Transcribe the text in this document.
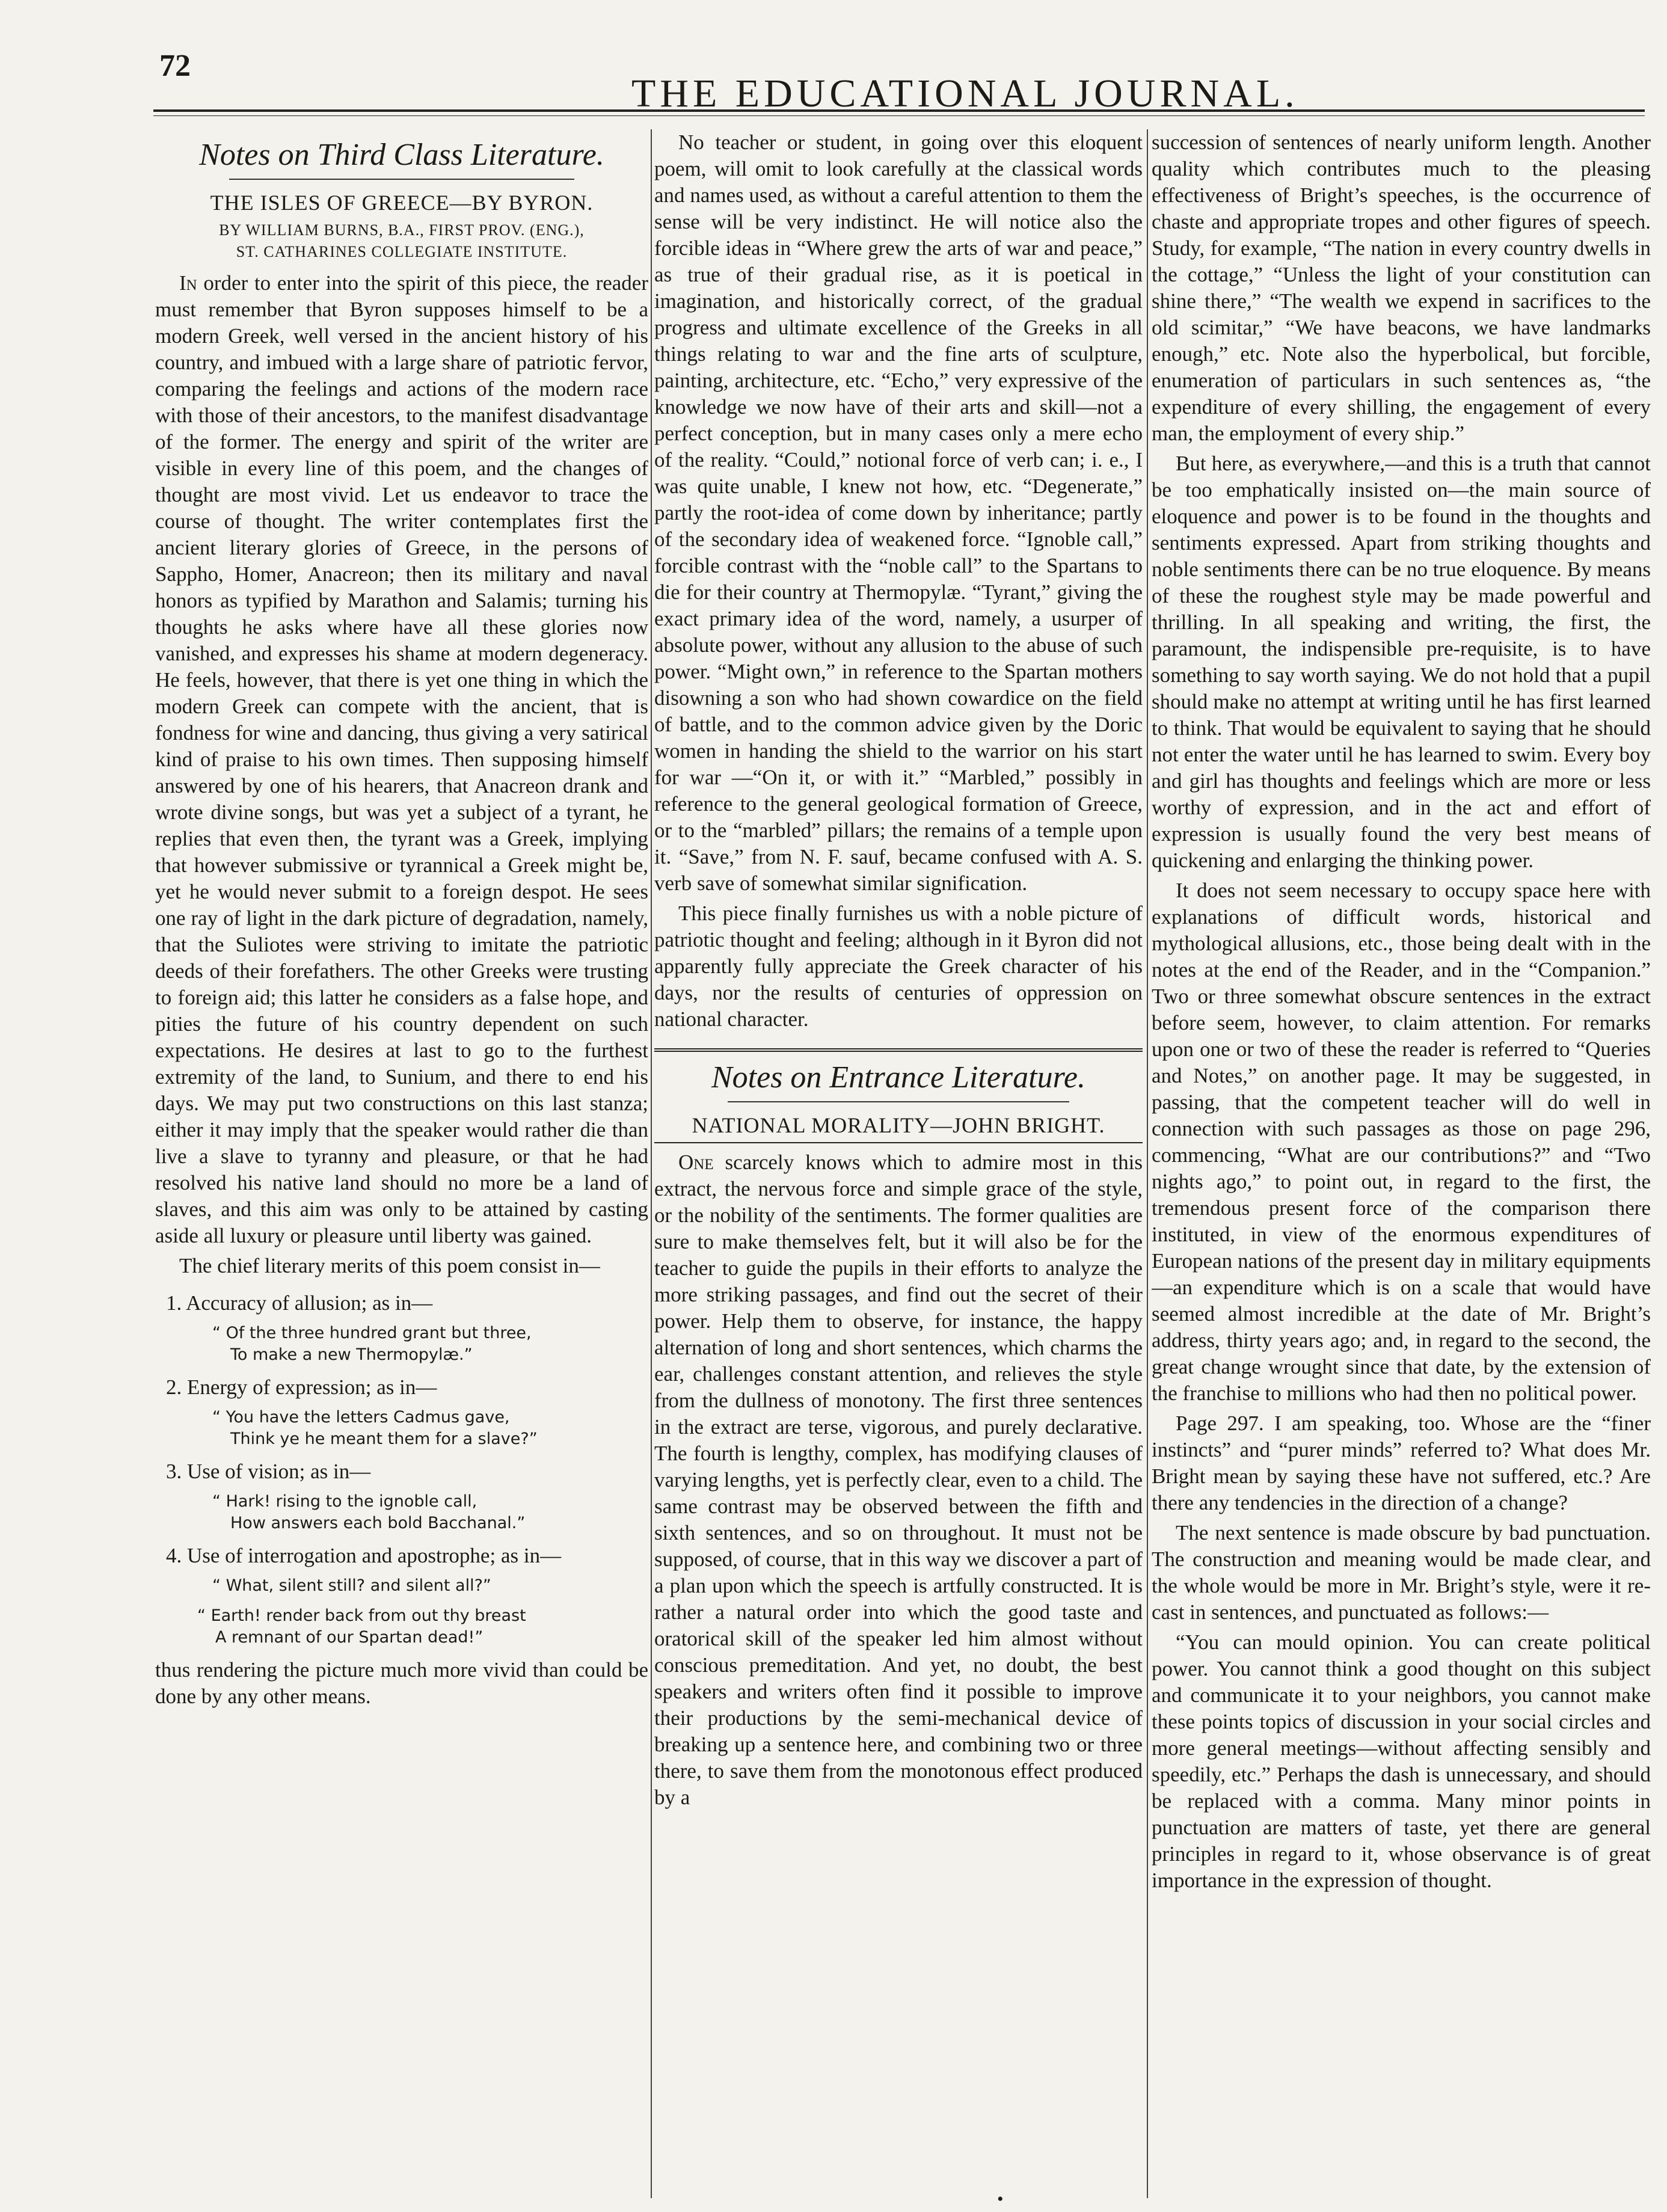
72
THE EDUCATIONAL JOURNAL.
Notes on Third Class Literature.
THE ISLES OF GREECE—BY BYRON.
BY WILLIAM BURNS, B.A., FIRST PROV. (ENG.),
ST. CATHARINES COLLEGIATE INSTITUTE.

In order to enter into the spirit of this piece, the reader must remember that Byron supposes himself to be a modern Greek, well versed in the ancient history of his country, and imbued with a large share of patriotic fervor, comparing the feelings and actions of the modern race with those of their ancestors, to the manifest disadvantage of the former. The energy and spirit of the writer are visible in every line of this poem, and the changes of thought are most vivid. Let us endeavor to trace the course of thought. The writer contemplates first the ancient literary glories of Greece, in the persons of Sappho, Homer, Anacreon; then its military and naval honors as typified by Marathon and Salamis; turning his thoughts he asks where have all these glories now vanished, and expresses his shame at modern degeneracy. He feels, however, that there is yet one thing in which the modern Greek can compete with the ancient, that is fondness for wine and dancing, thus giving a very satirical kind of praise to his own times. Then supposing himself answered by one of his hearers, that Anacreon drank and wrote divine songs, but was yet a subject of a tyrant, he replies that even then, the tyrant was a Greek, implying that however submissive or tyrannical a Greek might be, yet he would never submit to a foreign despot. He sees one ray of light in the dark picture of degradation, namely, that the Suliotes were striving to imitate the patriotic deeds of their forefathers. The other Greeks were trusting to foreign aid; this latter he considers as a false hope, and pities the future of his country dependent on such expectations. He desires at last to go to the furthest extremity of the land, to Sunium, and there to end his days. We may put two constructions on this last stanza; either it may imply that the speaker would rather die than live a slave to tyranny and pleasure, or that he had resolved his native land should no more be a land of slaves, and this aim was only to be attained by casting aside all luxury or pleasure until liberty was gained.

The chief literary merits of this poem consist in—

1. Accuracy of allusion; as in—
“ Of the three hundred grant but three,
To make a new Thermopylæ.”
2. Energy of expression; as in—
“ You have the letters Cadmus gave,
Think ye he meant them for a slave?”
3. Use of vision; as in—
“ Hark! rising to the ignoble call,
How answers each bold Bacchanal.”
4. Use of interrogation and apostrophe; as in—
“ What, silent still? and silent all?”
“ Earth! render back from out thy breast
A remnant of our Spartan dead!”

thus rendering the picture much more vivid than could be done by any other means.

No teacher or student, in going over this eloquent poem, will omit to look carefully at the classical words and names used, as without a careful attention to them the sense will be very indistinct. He will notice also the forcible ideas in “Where grew the arts of war and peace,” as true of their gradual rise, as it is poetical in imagination, and historically correct, of the gradual progress and ultimate excellence of the Greeks in all things relating to war and the fine arts of sculpture, painting, architecture, etc. “Echo,” very expressive of the knowledge we now have of their arts and skill—not a perfect conception, but in many cases only a mere echo of the reality. “Could,” notional force of verb can; i. e., I was quite unable, I knew not how, etc. “Degenerate,” partly the root-idea of come down by inheritance; partly of the secondary idea of weakened force. “Ignoble call,” forcible contrast with the “noble call” to the Spartans to die for their country at Thermopylæ. “Tyrant,” giving the exact primary idea of the word, namely, a usurper of absolute power, without any allusion to the abuse of such power. “Might own,” in reference to the Spartan mothers disowning a son who had shown cowardice on the field of battle, and to the common advice given by the Doric women in handing the shield to the warrior on his start for war —“On it, or with it.” “Marbled,” possibly in reference to the general geological formation of Greece, or to the “marbled” pillars; the remains of a temple upon it. “Save,” from N. F. sauf, became confused with A. S. verb save of somewhat similar signification.

This piece finally furnishes us with a noble picture of patriotic thought and feeling; although in it Byron did not apparently fully appreciate the Greek character of his days, nor the results of centuries of oppression on national character.

Notes on Entrance Literature.
NATIONAL MORALITY—JOHN BRIGHT.

One scarcely knows which to admire most in this extract, the nervous force and simple grace of the style, or the nobility of the sentiments. The former qualities are sure to make themselves felt, but it will also be for the teacher to guide the pupils in their efforts to analyze the more striking passages, and find out the secret of their power. Help them to observe, for instance, the happy alternation of long and short sentences, which charms the ear, challenges constant attention, and relieves the style from the dullness of monotony. The first three sentences in the extract are terse, vigorous, and purely declarative. The fourth is lengthy, complex, has modifying clauses of varying lengths, yet is perfectly clear, even to a child. The same contrast may be observed between the fifth and sixth sentences, and so on throughout. It must not be supposed, of course, that in this way we discover a part of a plan upon which the speech is artfully constructed. It is rather a natural order into which the good taste and oratorical skill of the speaker led him almost without conscious premeditation. And yet, no doubt, the best speakers and writers often find it possible to improve their productions by the semi-mechanical device of breaking up a sentence here, and combining two or three there, to save them from the monotonous effect produced by a

succession of sentences of nearly uniform length. Another quality which contributes much to the pleasing effectiveness of Bright’s speeches, is the occurrence of chaste and appropriate tropes and other figures of speech. Study, for example, “The nation in every country dwells in the cottage,” “Unless the light of your constitution can shine there,” “The wealth we expend in sacrifices to the old scimitar,” “We have beacons, we have landmarks enough,” etc. Note also the hyperbolical, but forcible, enumeration of particulars in such sentences as, “the expenditure of every shilling, the engagement of every man, the employment of every ship.”

But here, as everywhere,—and this is a truth that cannot be too emphatically insisted on—the main source of eloquence and power is to be found in the thoughts and sentiments expressed. Apart from striking thoughts and noble sentiments there can be no true eloquence. By means of these the roughest style may be made powerful and thrilling. In all speaking and writing, the first, the paramount, the indispensible pre-requisite, is to have something to say worth saying. We do not hold that a pupil should make no attempt at writing until he has first learned to think. That would be equivalent to saying that he should not enter the water until he has learned to swim. Every boy and girl has thoughts and feelings which are more or less worthy of expression, and in the act and effort of expression is usually found the very best means of quickening and enlarging the thinking power.

It does not seem necessary to occupy space here with explanations of difficult words, historical and mythological allusions, etc., those being dealt with in the notes at the end of the Reader, and in the “Companion.” Two or three somewhat obscure sentences in the extract before seem, however, to claim attention. For remarks upon one or two of these the reader is referred to “Queries and Notes,” on another page. It may be suggested, in passing, that the competent teacher will do well in connection with such passages as those on page 296, commencing, “What are our contributions?” and “Two nights ago,” to point out, in regard to the first, the tremendous present force of the comparison there instituted, in view of the enormous expenditures of European nations of the present day in military equipments—an expenditure which is on a scale that would have seemed almost incredible at the date of Mr. Bright’s address, thirty years ago; and, in regard to the second, the great change wrought since that date, by the extension of the franchise to millions who had then no political power.

Page 297. I am speaking, too. Whose are the “finer instincts” and “purer minds” referred to? What does Mr. Bright mean by saying these have not suffered, etc.? Are there any tendencies in the direction of a change?

The next sentence is made obscure by bad punctuation. The construction and meaning would be made clear, and the whole would be more in Mr. Bright’s style, were it re-cast in sentences, and punctuated as follows:—

“You can mould opinion. You can create political power. You cannot think a good thought on this subject and communicate it to your neighbors, you cannot make these points topics of discussion in your social circles and more general meetings—without affecting sensibly and speedily, etc.” Perhaps the dash is unnecessary, and should be replaced with a comma. Many minor points in punctuation are matters of taste, yet there are general principles in regard to it, whose observance is of great importance in the expression of thought.

•
